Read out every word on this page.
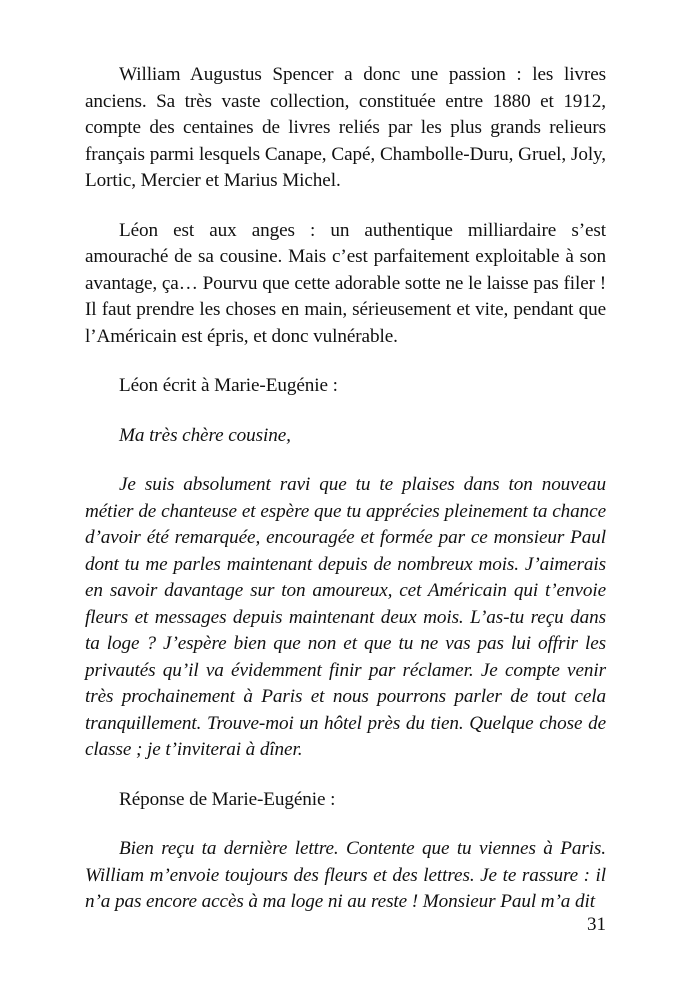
William Augustus Spencer a donc une passion : les livres anciens. Sa très vaste collection, constituée entre 1880 et 1912, compte des centaines de livres reliés par les plus grands relieurs français parmi lesquels Canape, Capé, Chambolle-Duru, Gruel, Joly, Lortic, Mercier et Marius Michel.

Léon est aux anges : un authentique milliardaire s’est amouraché de sa cousine. Mais c’est parfaitement exploitable à son avantage, ça… Pourvu que cette adorable sotte ne le laisse pas filer ! Il faut prendre les choses en main, sérieusement et vite, pendant que l’Américain est épris, et donc vulnérable.

Léon écrit à Marie-Eugénie :

Ma très chère cousine,

Je suis absolument ravi que tu te plaises dans ton nouveau métier de chanteuse et espère que tu apprécies pleinement ta chance d’avoir été remarquée, encouragée et formée par ce monsieur Paul dont tu me parles maintenant depuis de nombreux mois. J’aimerais en savoir davantage sur ton amoureux, cet Américain qui t’envoie fleurs et messages depuis maintenant deux mois. L’as-tu reçu dans ta loge ? J’espère bien que non et que tu ne vas pas lui offrir les privautés qu’il va évidemment finir par réclamer. Je compte venir très prochainement à Paris et nous pourrons parler de tout cela tranquillement. Trouve-moi un hôtel près du tien. Quelque chose de classe ; je t’inviterai à dîner.

Réponse de Marie-Eugénie :

Bien reçu ta dernière lettre. Contente que tu viennes à Paris. William m’envoie toujours des fleurs et des lettres. Je te rassure : il n’a pas encore accès à ma loge ni au reste ! Monsieur Paul m’a dit

31
